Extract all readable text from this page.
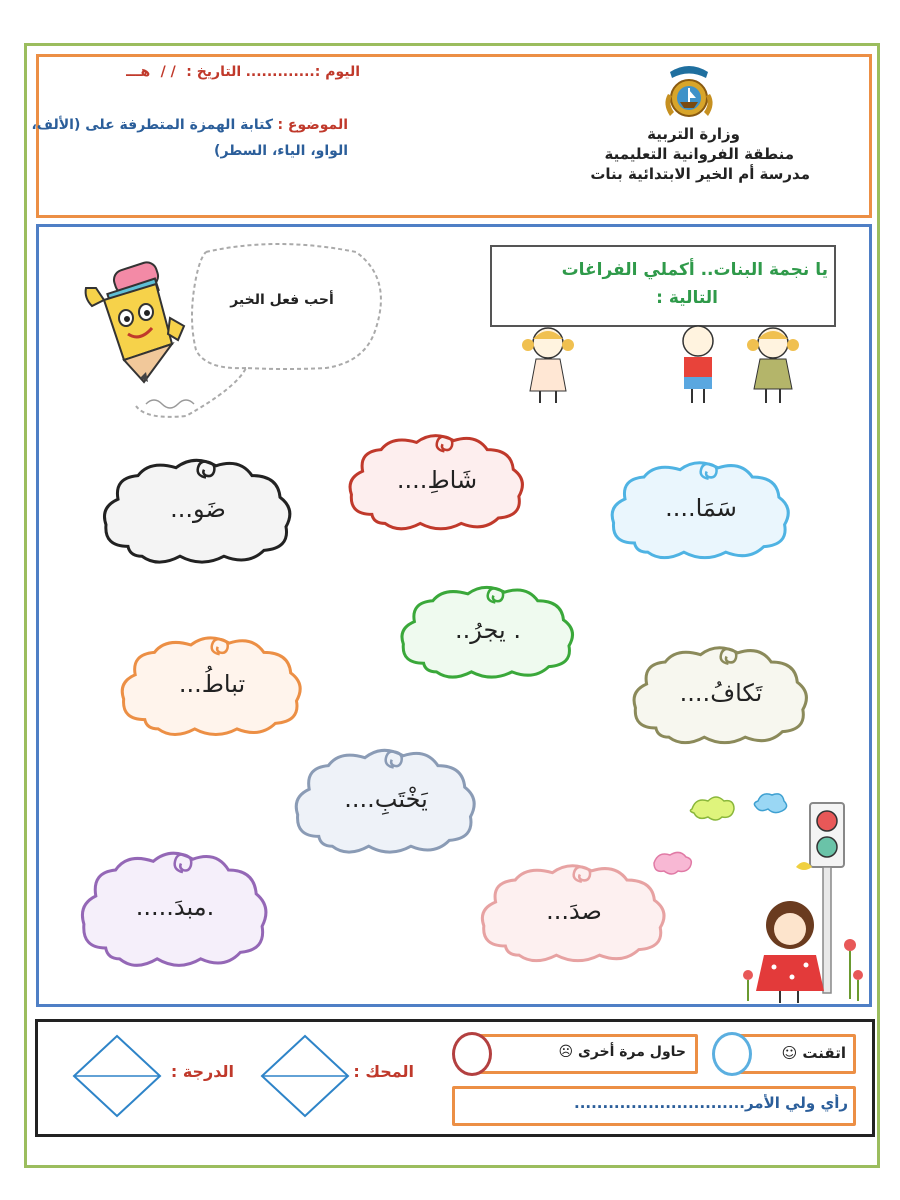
اليوم :............. التاريخ : / / هـــ
الموضوع : كتابة الهمزة المتطرفة على (الألف،
الواو، الياء، السطر)
وزارة التربية
منطقة الفروانية التعليمية
مدرسة أم الخير الابتدائية بنات
أحب فعل الخير
يا نجمة البنات.. أكملي الفراغات
التالية :
سَمَا....
شَاطِ....
ضَو...
. يجرُ..
تَكافُ....
تباطُ...
يَخْتَبِ....
صدَ...
.مبدَ.....
اتقنت ☺
حاول مرة أخرى ☹
رأي ولي الأمر..............................
المحك :
الدرجة :
